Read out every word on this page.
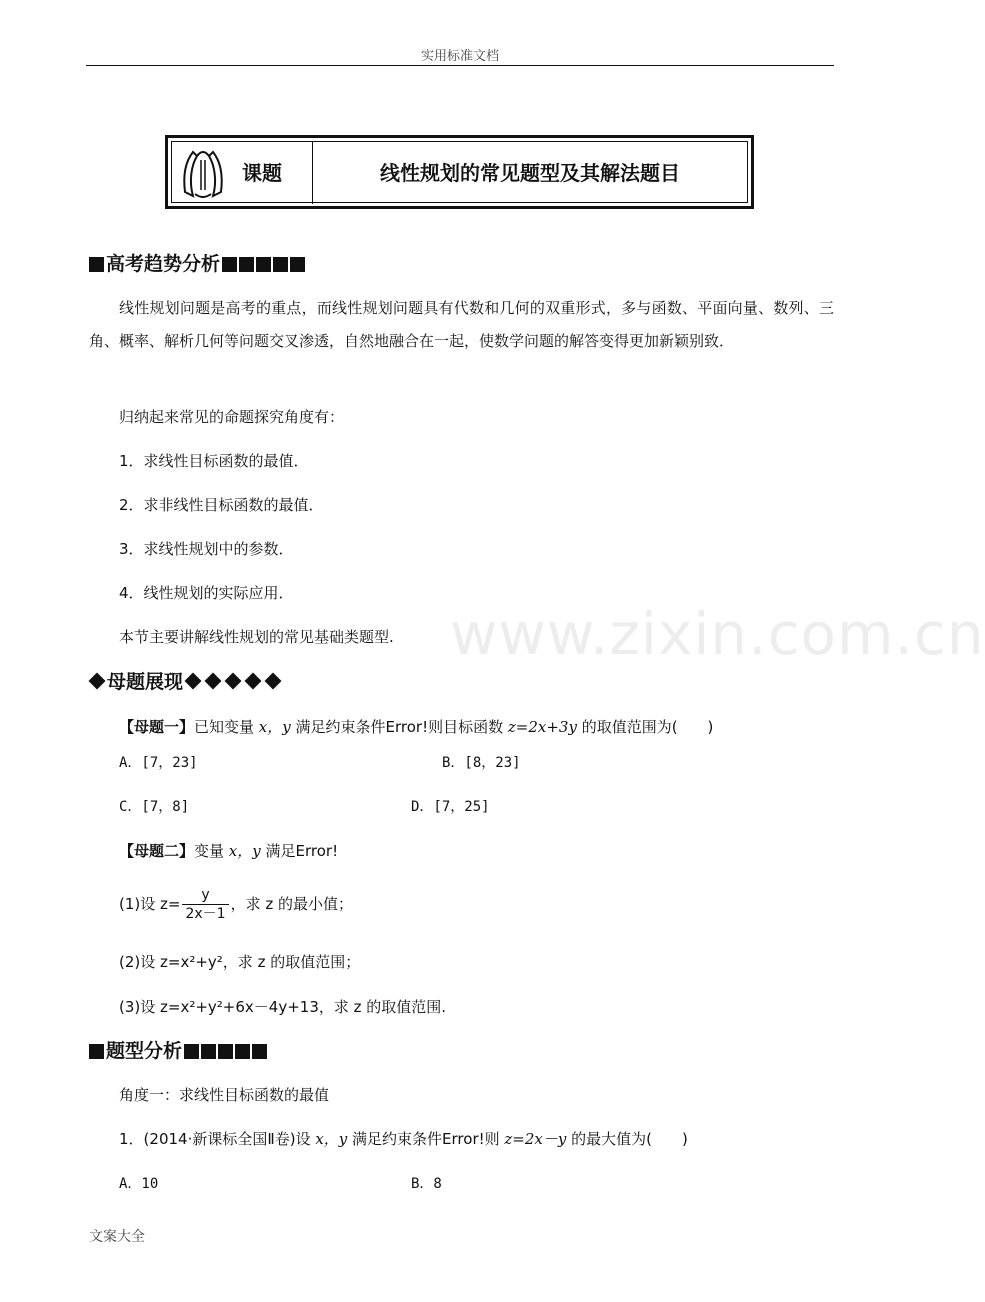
实用标准文档
www.zixin.com.cn
课题	线性规划的常见题型及其解法题目
高考趋势分析
线性规划问题是高考的重点，而线性规划问题具有代数和几何的双重形式，多与函数、平面向量、数列、三角、概率、解析几何等问题交叉渗透，自然地融合在一起，使数学问题的解答变得更加新颖别致．
归纳起来常见的命题探究角度有：
1．求线性目标函数的最值．
2．求非线性目标函数的最值．
3．求线性规划中的参数．
4．线性规划的实际应用．
本节主要讲解线性规划的常见基础类题型.
母题展现
【母题一】已知变量 x，y 满足约束条件Error!则目标函数 z=2x+3y 的取值范围为(　　)
A．[7，23]	B．[8，23]
C．[7，8]	D．[7，25]
【母题二】变量 x，y 满足Error!
(1)设 $z= \frac{y}{2x-1}$ ，求 z 的最小值；
(2)设 z=x²+y²，求 z 的取值范围；
(3)设 z=x²+y²+6x－4y+13，求 z 的取值范围.
题型分析
角度一：求线性目标函数的最值
1．(2014·新课标全国Ⅱ卷)设 x，y 满足约束条件Error!则 z=2x－y 的最大值为(　　)
A．10	B．8
文案大全
